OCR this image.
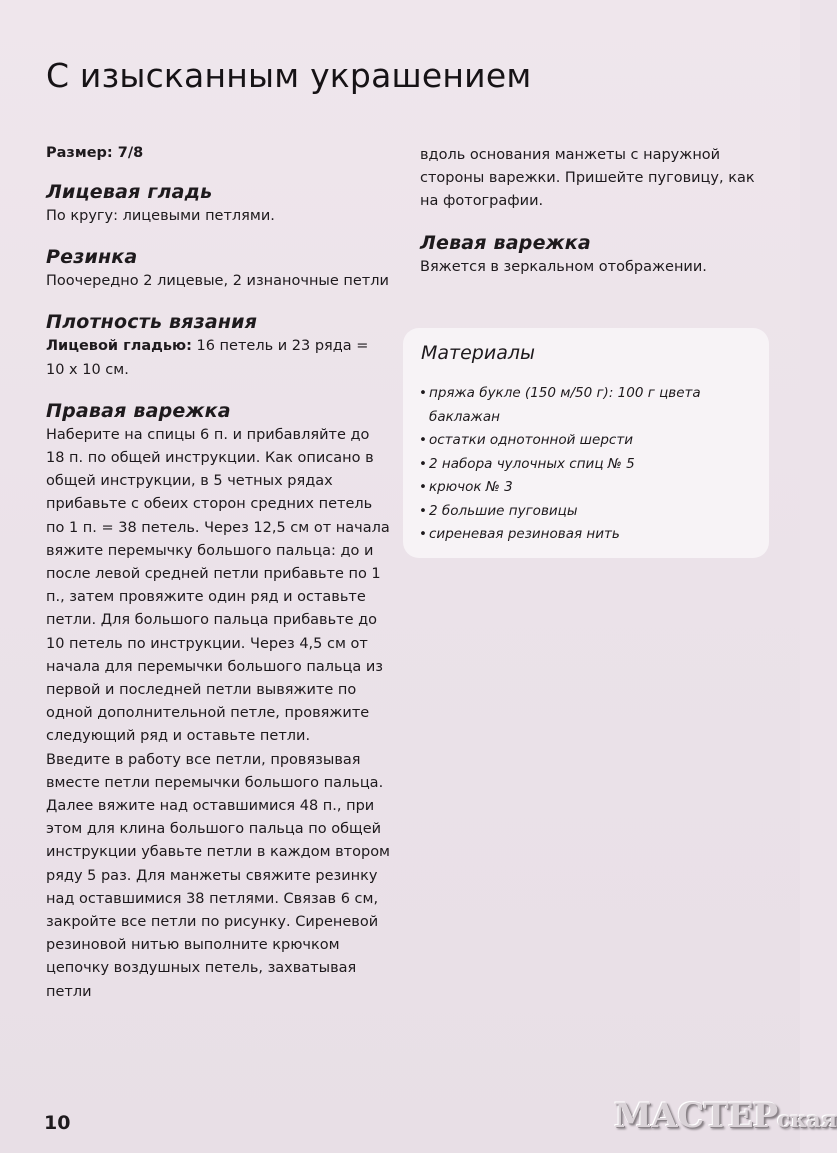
С изысканным украшением

Размер: 7/8

Лицевая гладь

По кругу: лицевыми петлями.

Резинка

Поочередно 2 лицевые, 2 изнаночные петли

Плотность вязания

Лицевой гладью: 16 петель и 23 ряда = 10 х 10 см.

Правая варежка

Наберите на спицы 6 п. и прибавляйте до 18 п. по общей инструкции. Как описано в общей инструкции, в 5 четных рядах прибавьте с обеих сторон средних петель по 1 п. = 38 петель. Через 12,5 см от начала вяжите перемычку большого пальца: до и после левой средней петли прибавьте по 1 п., затем провяжите один ряд и оставьте петли. Для большого пальца прибавьте до 10 петель по инструкции. Через 4,5 см от начала для перемычки большого пальца из первой и последней петли вывяжите по одной дополнительной петле, провяжите следующий ряд и оставьте петли.

Введите в работу все петли, провязывая вместе петли перемычки большого пальца. Далее вяжите над оставшимися 48 п., при этом для клина большого пальца по общей инструкции убавьте петли в каждом втором ряду 5 раз. Для манжеты свяжите резинку над оставшимися 38 петлями. Связав 6 см, закройте все петли по рисунку. Сиреневой резиновой нитью выполните крючком цепочку воздушных петель, захватывая петли

вдоль основания манжеты с наружной стороны варежки. Пришейте пуговицу, как на фотографии.

Левая варежка

Вяжется в зеркальном отображении.

Материалы
• пряжа букле (150 м/50 г): 100 г цвета баклажан
• остатки однотонной шерсти
• 2 набора чулочных спиц № 5
• крючок № 3
• 2 большие пуговицы
• сиреневая резиновая нить
10	МАСТЕРская
